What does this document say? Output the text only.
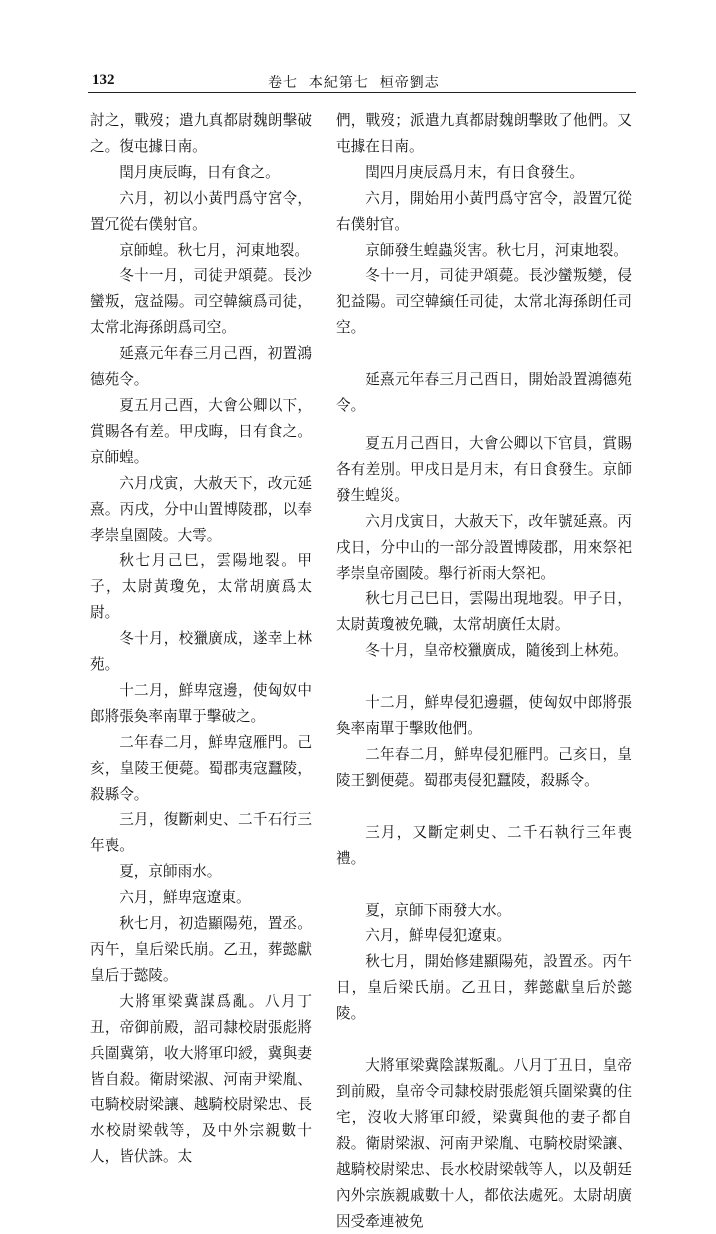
132	卷七  本紀第七  桓帝劉志

討之，戰歿；遣九真都尉魏朗擊破之。復屯據日南。

閏月庚辰晦，日有食之。

六月，初以小黃門爲守宮令，置冗從右僕射官。

京師蝗。秋七月，河東地裂。

冬十一月，司徒尹頌薨。長沙蠻叛，寇益陽。司空韓縯爲司徒，太常北海孫朗爲司空。

延熹元年春三月己酉，初置鴻德苑令。

夏五月己酉，大會公卿以下，賞賜各有差。甲戌晦，日有食之。京師蝗。

六月戊寅，大赦天下，改元延熹。丙戌，分中山置博陵郡，以奉孝崇皇園陵。大雩。

秋七月己巳，雲陽地裂。甲子，太尉黃瓊免，太常胡廣爲太尉。

冬十月，校獵廣成，遂幸上林苑。

十二月，鮮卑寇邊，使匈奴中郎將張奐率南單于擊破之。

二年春二月，鮮卑寇雁門。己亥，皇陵王便薨。蜀郡夷寇蠶陵，殺縣令。

三月，復斷刺史、二千石行三年喪。

夏，京師雨水。

六月，鮮卑寇遼東。

秋七月，初造顯陽苑，置丞。丙午，皇后梁氏崩。乙丑，葬懿獻皇后于懿陵。

大將軍梁冀謀爲亂。八月丁丑，帝御前殿，詔司隸校尉張彪將兵圍冀第，收大將軍印綬，冀與妻皆自殺。衛尉梁淑、河南尹梁胤、屯騎校尉梁讓、越騎校尉梁忠、長水校尉梁戟等，及中外宗親數十人，皆伏誅。太

們，戰歿；派遣九真都尉魏朗擊敗了他們。又屯據在日南。

閏四月庚辰爲月末，有日食發生。

六月，開始用小黃門爲守宮令，設置冗從右僕射官。

京師發生蝗蟲災害。秋七月，河東地裂。

冬十一月，司徒尹頌薨。長沙蠻叛變，侵犯益陽。司空韓縯任司徒，太常北海孫朗任司空。

延熹元年春三月己酉日，開始設置鴻德苑令。

夏五月己酉日，大會公卿以下官員，賞賜各有差別。甲戌日是月末，有日食發生。京師發生蝗災。

六月戊寅日，大赦天下，改年號延熹。丙戌日，分中山的一部分設置博陵郡，用來祭祀孝崇皇帝園陵。舉行祈雨大祭祀。

秋七月己巳日，雲陽出現地裂。甲子日，太尉黃瓊被免職，太常胡廣任太尉。

冬十月，皇帝校獵廣成，隨後到上林苑。

十二月，鮮卑侵犯邊疆，使匈奴中郎將張奐率南單于擊敗他們。

二年春二月，鮮卑侵犯雁門。己亥日，皇陵王劉便薨。蜀郡夷侵犯蠶陵，殺縣令。

三月，又斷定刺史、二千石執行三年喪禮。

夏，京師下雨發大水。

六月，鮮卑侵犯遼東。

秋七月，開始修建顯陽苑，設置丞。丙午日，皇后梁氏崩。乙丑日，葬懿獻皇后於懿陵。

大將軍梁冀陰謀叛亂。八月丁丑日，皇帝到前殿，皇帝令司隸校尉張彪領兵圍梁冀的住宅，沒收大將軍印綬，梁冀與他的妻子都自殺。衛尉梁淑、河南尹梁胤、屯騎校尉梁讓、越騎校尉梁忠、長水校尉梁戟等人，以及朝廷內外宗族親戚數十人，都依法處死。太尉胡廣因受牽連被免
